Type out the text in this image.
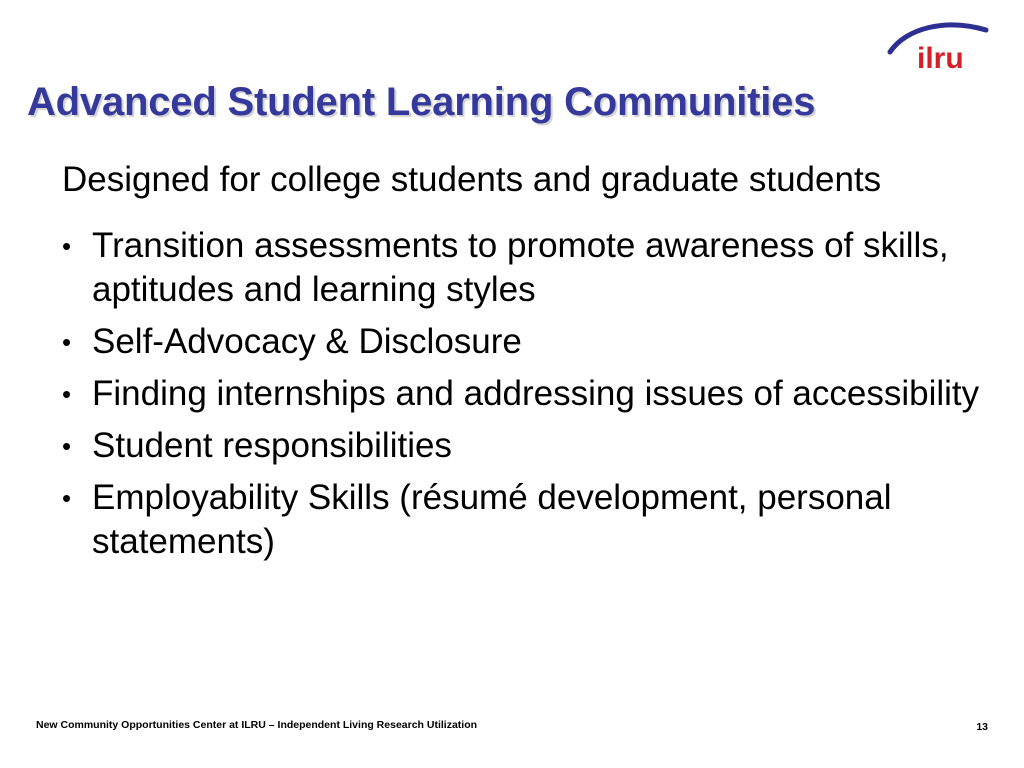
ilru
Advanced Student Learning Communities

Designed for college students and graduate students

• Transition assessments to promote awareness of skills, aptitudes and learning styles
• Self-Advocacy & Disclosure
• Finding internships and addressing issues of accessibility
• Student responsibilities
• Employability Skills (résumé development, personal statements)
New Community Opportunities Center at ILRU – Independent Living Research Utilization	13
